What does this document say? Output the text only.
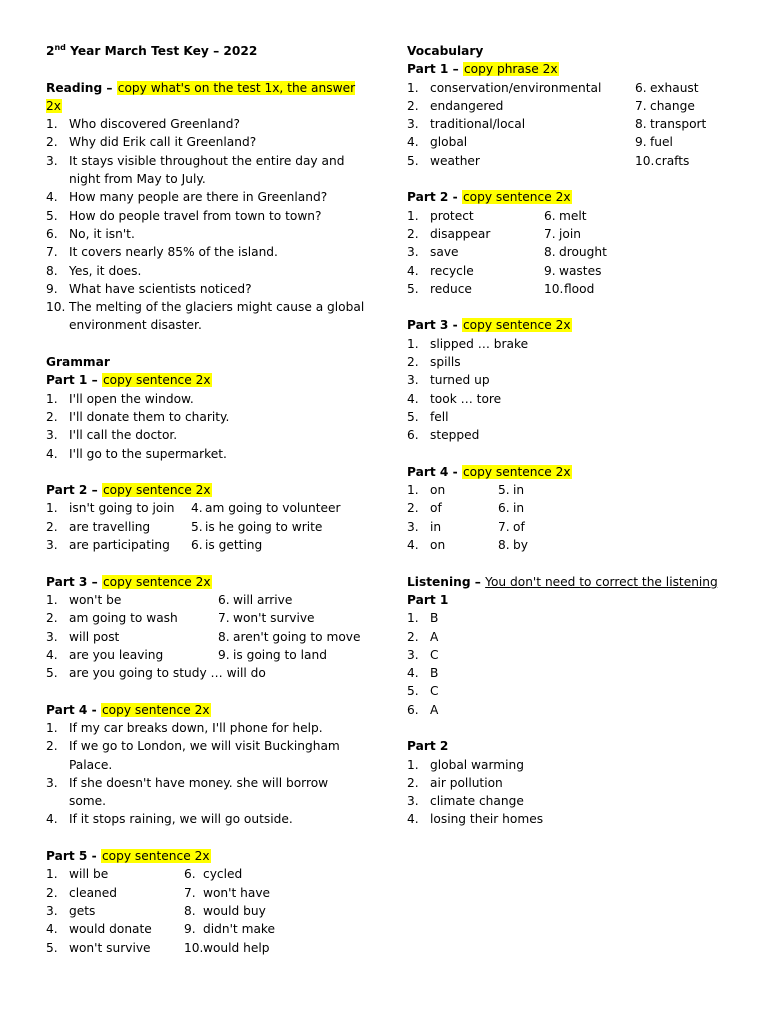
2nd Year March Test Key – 2022
Reading – copy what's on the test 1x, the answer 2x
1. Who discovered Greenland?
2. Why did Erik call it Greenland?
3. It stays visible throughout the entire day and night from May to July.
4. How many people are there in Greenland?
5. How do people travel from town to town?
6. No, it isn't.
7. It covers nearly 85% of the island.
8. Yes, it does.
9. What have scientists noticed?
10. The melting of the glaciers might cause a global environment disaster.
Grammar
Part 1 – copy sentence 2x
1. I'll open the window.
2. I'll donate them to charity.
3. I'll call the doctor.
4. I'll go to the supermarket.
Part 2 – copy sentence 2x
1. isn't going to join 4. am going to volunteer
2. are travelling	5. is he going to write
3. are participating 6. is getting
Part 3 – copy sentence 2x
1. won't be	6. will arrive
2. am going to wash	7. won't survive
3. will post	8. aren't going to move
4. are you leaving	9. is going to land
5. are you going to study … will do
Part 4 - copy sentence 2x
1. If my car breaks down, I'll phone for help.
2. If we go to London, we will visit Buckingham Palace.
3. If she doesn't have money. she will borrow some.
4. If it stops raining, we will go outside.
Part 5 - copy sentence 2x
1. will be	6. cycled
2. cleaned	7. won't have
3. gets	8. would buy
4. would donate	9. didn't make
5. won't survive	10. would help
Vocabulary
Part 1 – copy phrase 2x
1. conservation/environmental	6. exhaust
2. endangered	7. change
3. traditional/local	8. transport
4. global	9. fuel
5. weather	10. crafts
Part 2 - copy sentence 2x
1. protect	6. melt
2. disappear	7. join
3. save	8. drought
4. recycle	9. wastes
5. reduce	10. flood
Part 3 - copy sentence 2x
1. slipped … brake
2. spills
3. turned up
4. took … tore
5. fell
6. stepped
Part 4 - copy sentence 2x
1. on	5. in
2. of	6. in
3. in	7. of
4. on	8. by
Listening – You don't need to correct the listening
Part 1
1. B
2. A
3. C
4. B
5. C
6. A
Part 2
1. global warming
2. air pollution
3. climate change
4. losing their homes
